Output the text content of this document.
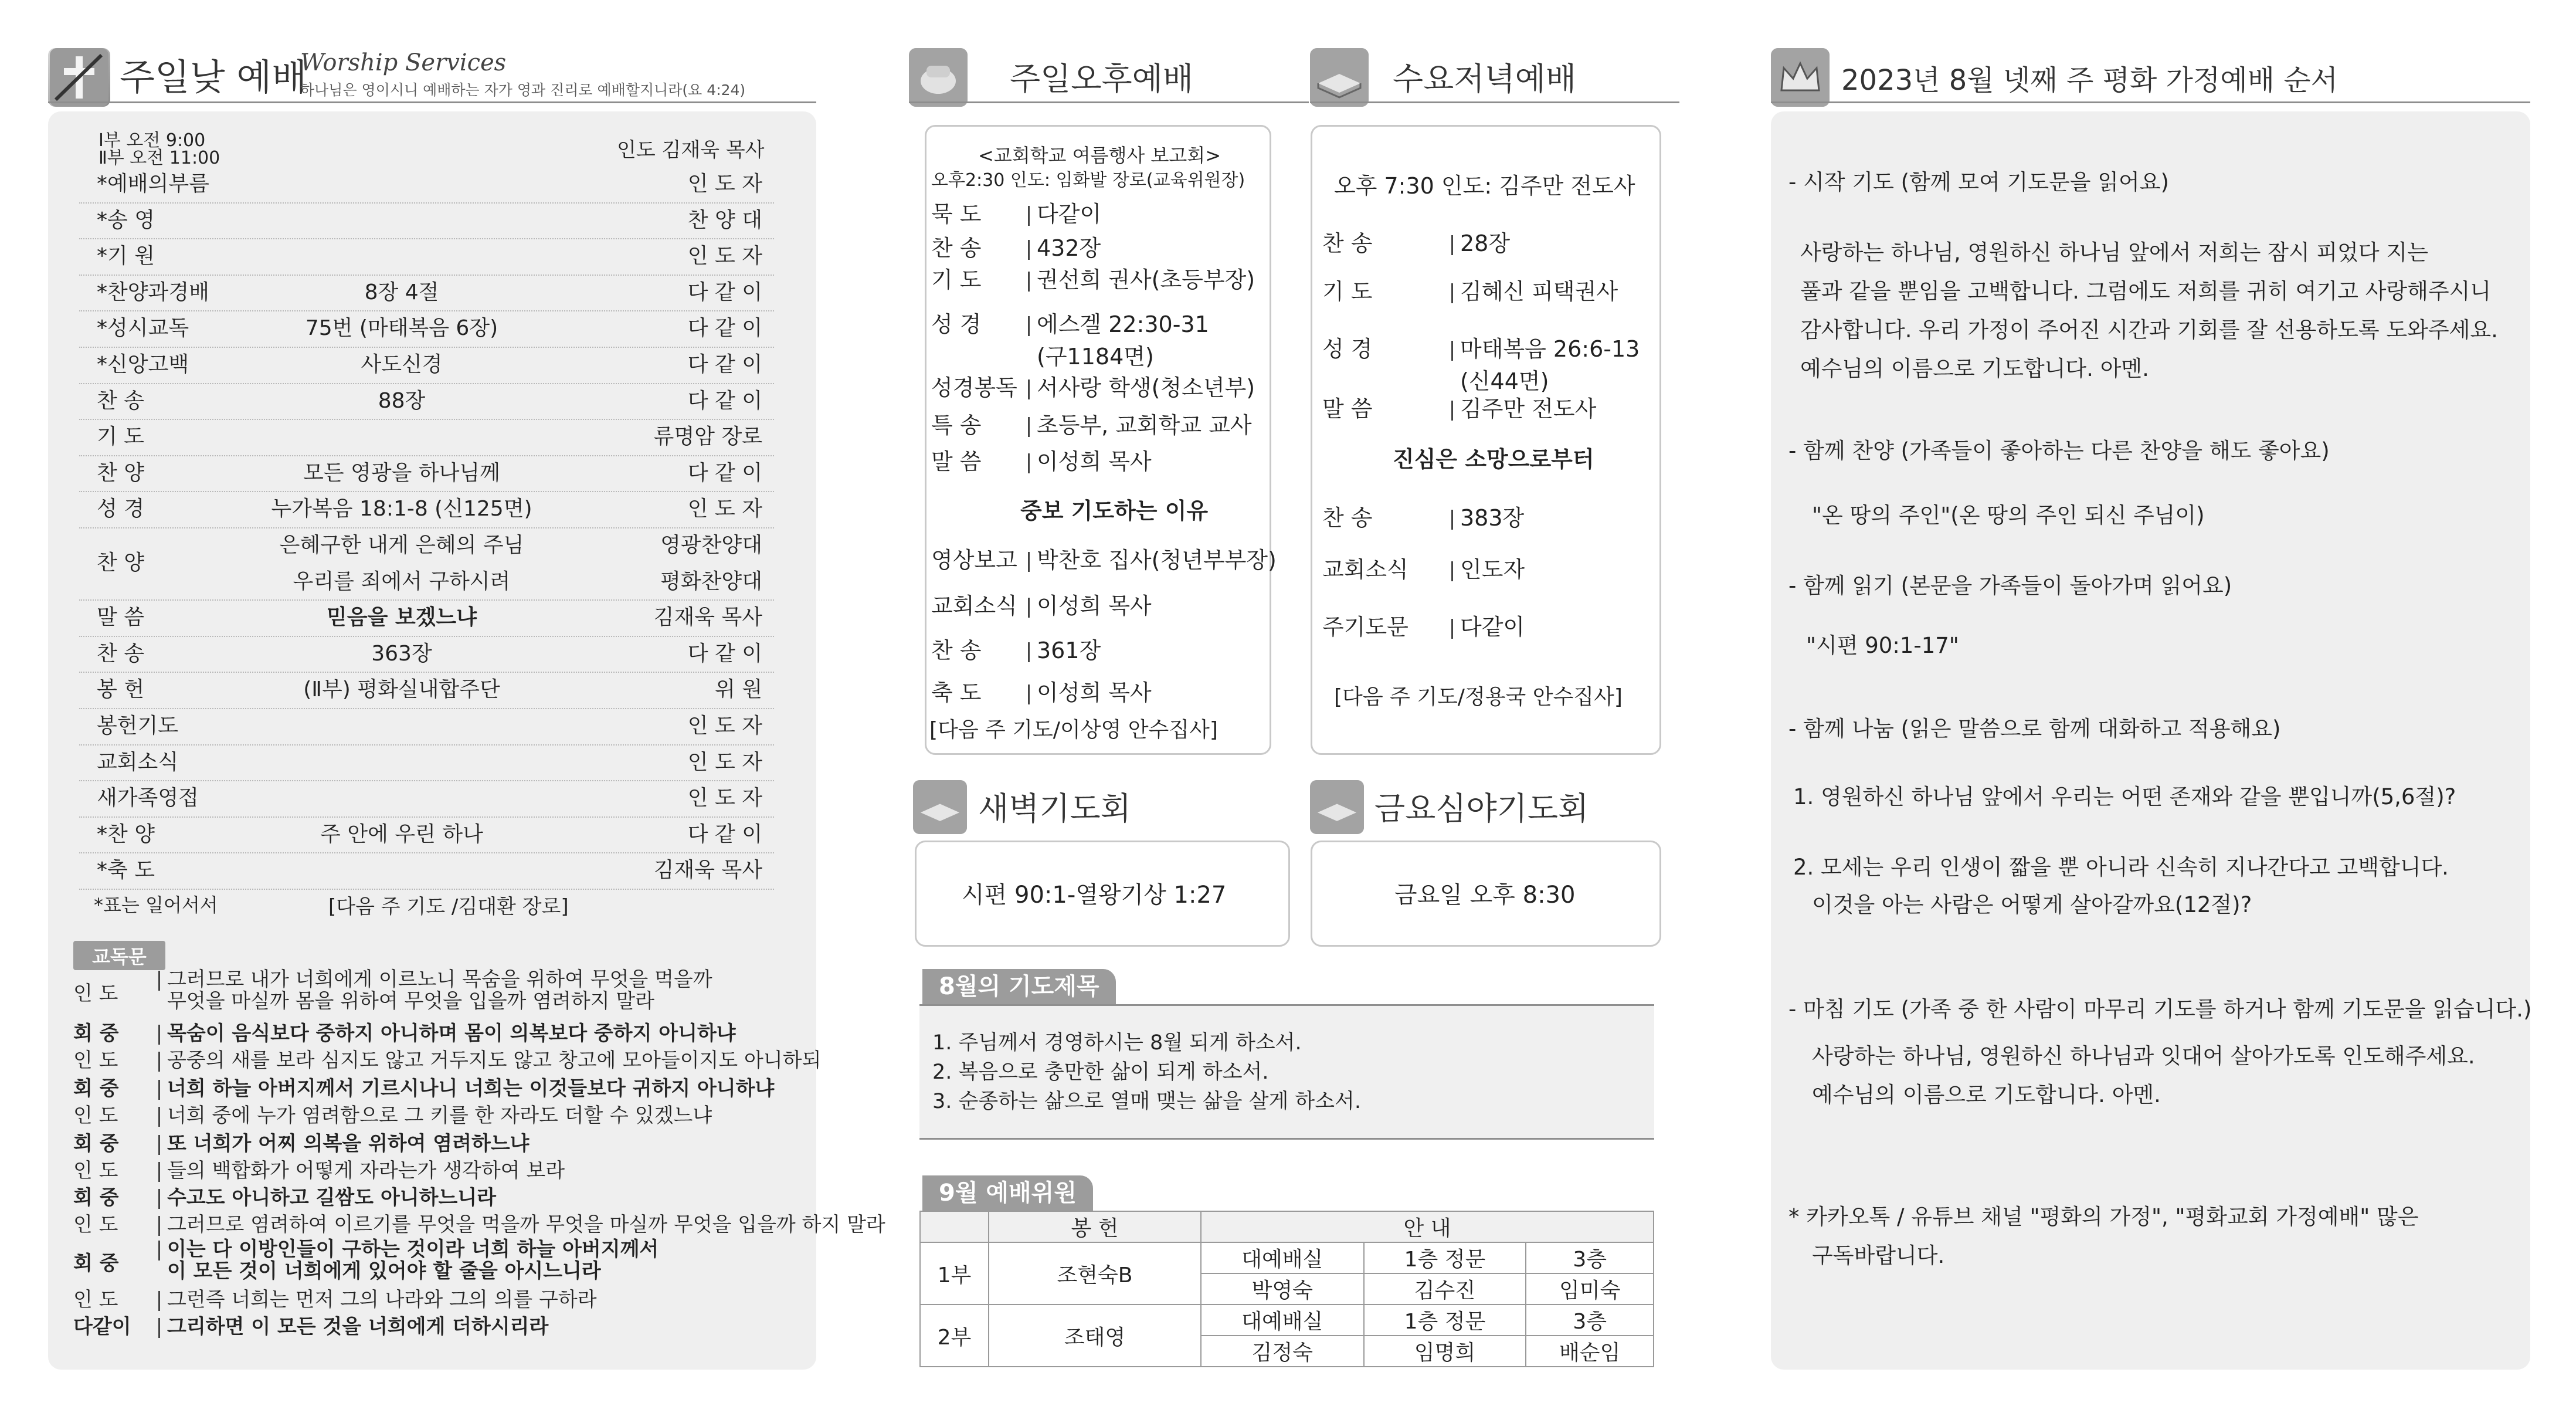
주일낮 예배
Worship Services
하나님은 영이시니 예배하는 자가 영과 진리로 예배할지니라(요 4:24)
Ⅰ부 오전 9:00
Ⅱ부 오전 11:00	인도 김재욱 목사
*예배의부름	인 도 자
*송 영	찬 양 대
*기 원	인 도 자
*찬양과경배	8장 4절	다 같 이
*성시교독	75번 (마태복음 6장)	다 같 이
*신앙고백	사도신경	다 같 이
찬 송	88장	다 같 이
기 도	류명암 장로
찬 양	모든 영광을 하나님께	다 같 이
성 경	누가복음 18:1-8 (신125면)	인 도 자
찬 양
은혜구한 내게 은혜의 주님	영광찬양대
우리를 죄에서 구하시려	평화찬양대
말 씀	믿음을 보겠느냐	김재욱 목사
찬 송	363장	다 같 이
봉 헌	(Ⅱ부) 평화실내합주단	위 원
봉헌기도	인 도 자
교회소식	인 도 자
새가족영접	인 도 자
*찬 양	주 안에 우린 하나	다 같 이
*축 도	김재욱 목사
*표는 일어서서	[다음 주 기도 /김대환 장로]
교독문
인 도
그러므로 내가 너희에게 이르노니 목숨을 위하여 무엇을 먹을까
무엇을 마실까 몸을 위하여 무엇을 입을까 염려하지 말라
회 중	목숨이 음식보다 중하지 아니하며 몸이 의복보다 중하지 아니하냐
인 도	공중의 새를 보라 심지도 않고 거두지도 않고 창고에 모아들이지도 아니하되
회 중	너희 하늘 아버지께서 기르시나니 너희는 이것들보다 귀하지 아니하냐
인 도	너희 중에 누가 염려함으로 그 키를 한 자라도 더할 수 있겠느냐
회 중	또 너희가 어찌 의복을 위하여 염려하느냐
인 도	들의 백합화가 어떻게 자라는가 생각하여 보라
회 중	수고도 아니하고 길쌈도 아니하느니라
인 도	그러므로 염려하여 이르기를 무엇을 먹을까 무엇을 마실까 무엇을 입을까 하지 말라
회 중
이는 다 이방인들이 구하는 것이라 너희 하늘 아버지께서
이 모든 것이 너희에게 있어야 할 줄을 아시느니라
인 도	그런즉 너희는 먼저 그의 나라와 그의 의를 구하라
다같이	그리하면 이 모든 것을 너희에게 더하시리라
주일오후예배	수요저녁예배
<교회학교 여름행사 보고회>
오후2:30 인도: 임화발 장로(교육위원장)
묵 도 다같이
찬 송 432장
기 도 권선희 권사(초등부장)
성 경 에스겔 22:30-31
(구1184면)
성경봉독 서사랑 학생(청소년부)
특 송 초등부, 교회학교 교사
말 씀 이성희 목사
중보 기도하는 이유
영상보고 박찬호 집사(청년부부장)
교회소식 이성희 목사
찬 송 361장
축 도 이성희 목사
[다음 주 기도/이상영 안수집사]
오후 7:30 인도: 김주만 전도사
찬 송	28장
기 도	김혜신 피택권사
성 경	마태복음 26:6-13
(신44면)
말 씀	김주만 전도사
진심은 소망으로부터
찬 송	383장
교회소식 인도자
주기도문 다같이
[다음 주 기도/정용국 안수집사]
새벽기도회	금요심야기도회
시편 90:1-열왕기상 1:27	금요일 오후 8:30
8월의 기도제목
1. 주님께서 경영하시는 8월 되게 하소서.
2. 복음으로 충만한 삶이 되게 하소서.
3. 순종하는 삶으로 열매 맺는 삶을 살게 하소서.
9월 예배위원
	봉 헌	안 내		
1부	조현숙B	대예배실	1층 정문	3층
		박영숙	김수진	임미숙
2부	조태영	대예배실	1층 정문	3층
		김정숙	임명희	배순임
2023년 8월 넷째 주 평화 가정예배 순서
- 시작 기도 (함께 모여 기도문을 읽어요)
사랑하는 하나님, 영원하신 하나님 앞에서 저희는 잠시 피었다 지는
풀과 같을 뿐임을 고백합니다. 그럼에도 저희를 귀히 여기고 사랑해주시니
감사합니다. 우리 가정이 주어진 시간과 기회를 잘 선용하도록 도와주세요.
예수님의 이름으로 기도합니다. 아멘.
- 함께 찬양 (가족들이 좋아하는 다른 찬양을 해도 좋아요)
"온 땅의 주인"(온 땅의 주인 되신 주님이)
- 함께 읽기 (본문을 가족들이 돌아가며 읽어요)
"시편 90:1-17"
- 함께 나눔 (읽은 말씀으로 함께 대화하고 적용해요)
1. 영원하신 하나님 앞에서 우리는 어떤 존재와 같을 뿐입니까(5,6절)?
2. 모세는 우리 인생이 짧을 뿐 아니라 신속히 지나간다고 고백합니다.
이것을 아는 사람은 어떻게 살아갈까요(12절)?
- 마침 기도 (가족 중 한 사람이 마무리 기도를 하거나 함께 기도문을 읽습니다.)
사랑하는 하나님, 영원하신 하나님과 잇대어 살아가도록 인도해주세요.
예수님의 이름으로 기도합니다. 아멘.
* 카카오톡 / 유튜브 채널 "평화의 가정", "평화교회 가정예배" 많은
구독바랍니다.
